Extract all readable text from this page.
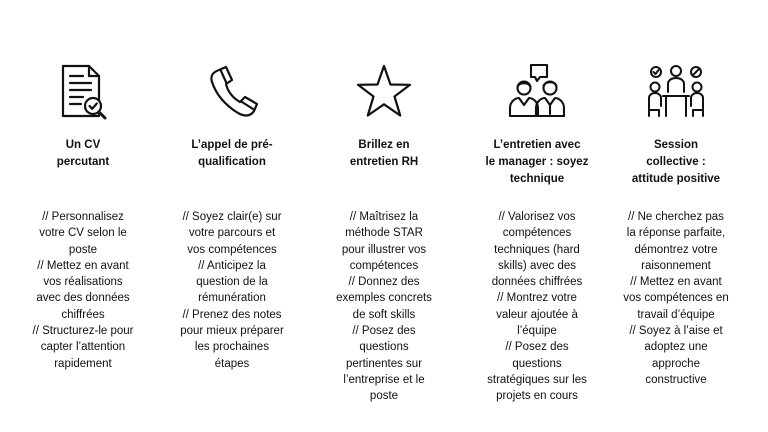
Un CV
percutant
// Personnalisez
votre CV selon le
poste
// Mettez en avant
vos réalisations
avec des données
chiffrées
// Structurez-le pour
capter l’attention
rapidement
L’appel de pré-
qualification
// Soyez clair(e) sur
votre parcours et
vos compétences
// Anticipez la
question de la
rémunération
// Prenez des notes
pour mieux préparer
les prochaines
étapes
Brillez en
entretien RH
// Maîtrisez la
méthode STAR
pour illustrer vos
compétences
// Donnez des
exemples concrets
de soft skills
// Posez des
questions
pertinentes sur
l’entreprise et le
poste
L’entretien avec
le manager : soyez
technique
// Valorisez vos
compétences
techniques (hard
skills) avec des
données chiffrées
// Montrez votre
valeur ajoutée à
l’équipe
// Posez des
questions
stratégiques sur les
projets en cours
Session
collective :
attitude positive
// Ne cherchez pas
la réponse parfaite,
démontrez votre
raisonnement
// Mettez en avant
vos compétences en
travail d’équipe
// Soyez à l’aise et
adoptez une
approche
constructive
